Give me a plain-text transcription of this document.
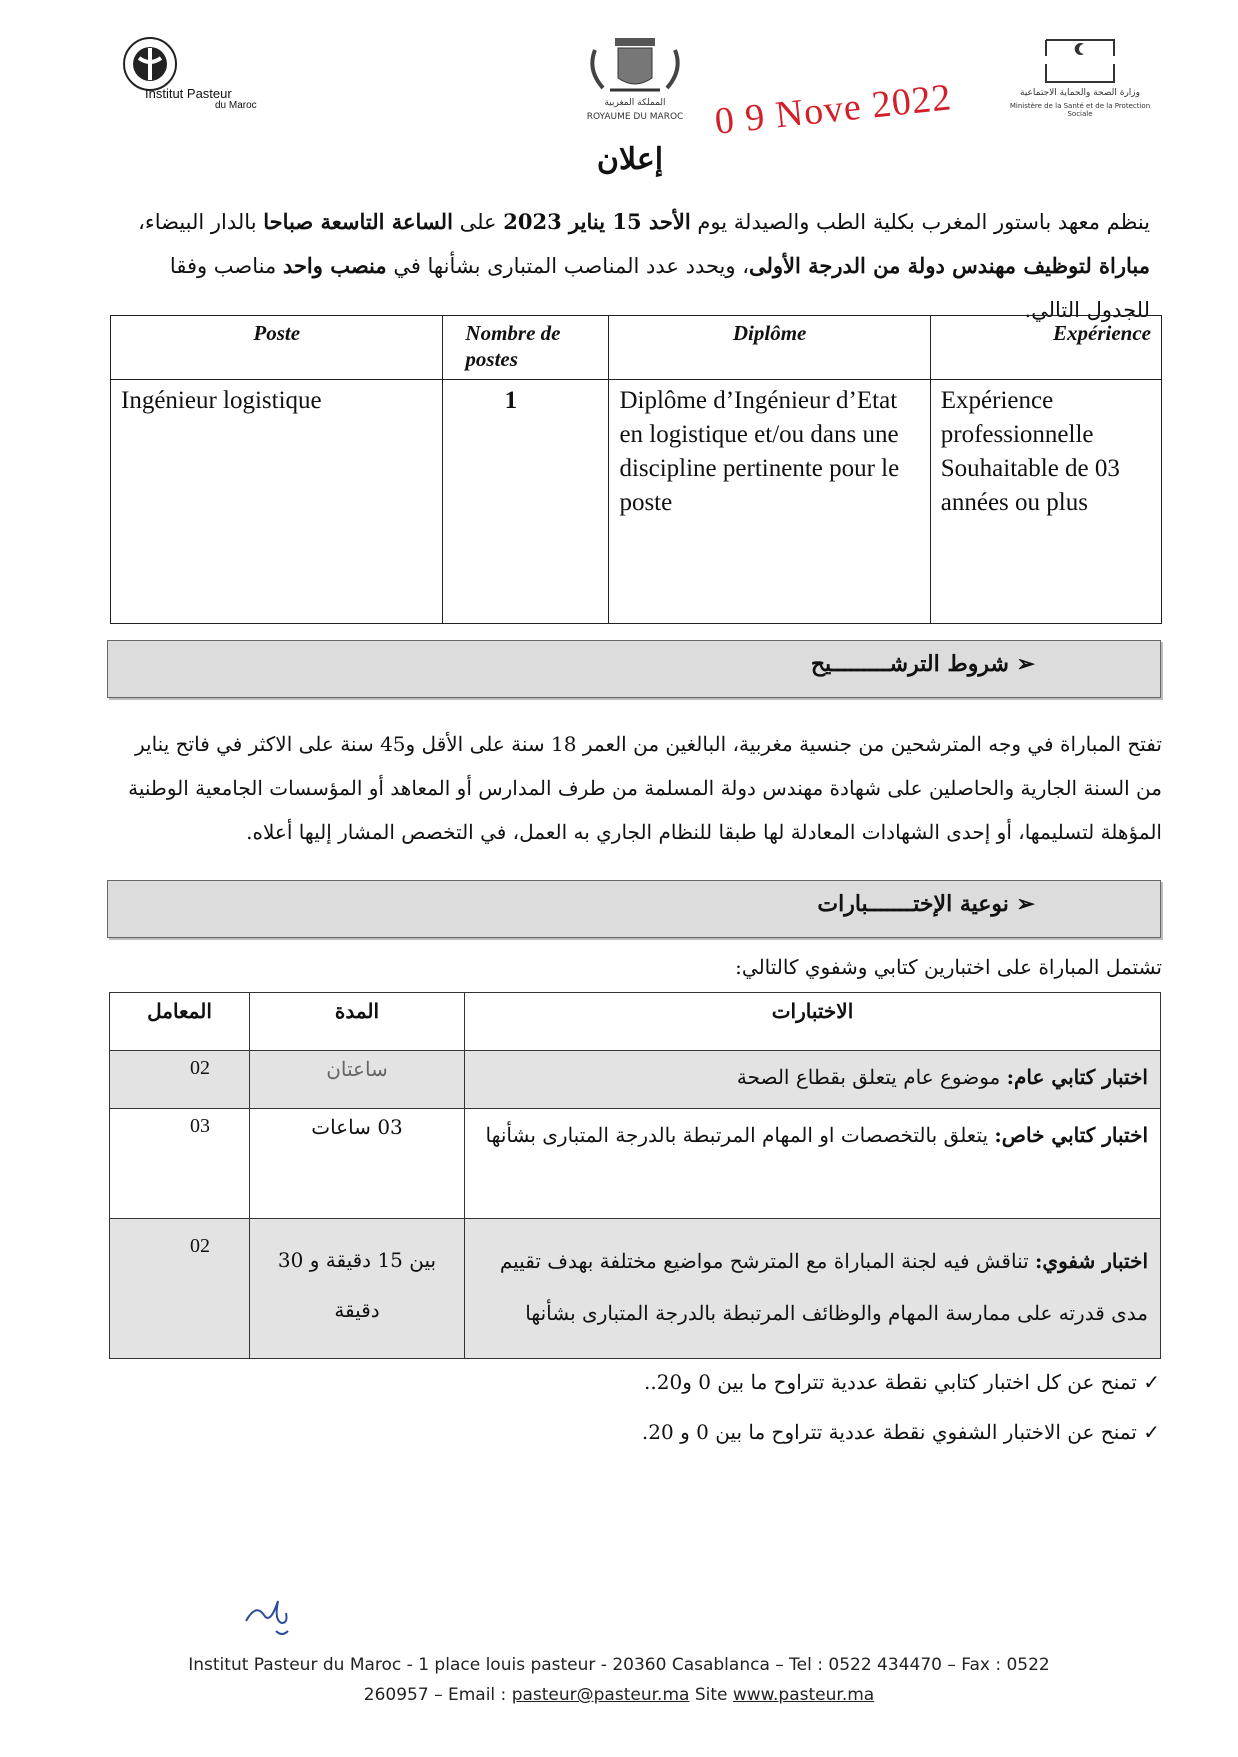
Institut Pasteur
du Maroc	المملكة المغربية
ROYAUME DU MAROC
وزارة الصحة والحماية الاجتماعية
Ministère de la Santé et de la Protection Sociale
0 9 Nove 2022
إعلان
ينظم معهد باستور المغرب بكلية الطب والصيدلة يوم الأحد 15 يناير 2023 على الساعة التاسعة صباحا بالدار البيضاء، مباراة لتوظيف مهندس دولة من الدرجة الأولى، ويحدد عدد المناصب المتبارى بشأنها في منصب واحد مناصب وفقا للجدول التالي.
Poste	Nombre de postes	Diplôme	Expérience
Ingénieur logistique	1	Diplôme d’Ingénieur d’Etat en logistique et/ou dans une discipline pertinente pour le poste	Expérience professionnelle Souhaitable de 03 années ou plus
➢ شروط الترشـــــــــيح
تفتح المباراة في وجه المترشحين من جنسية مغربية، البالغين من العمر 18 سنة على الأقل و45 سنة على الاكثر في فاتح يناير من السنة الجارية والحاصلين على شهادة مهندس دولة المسلمة من طرف المدارس أو المعاهد أو المؤسسات الجامعية الوطنية المؤهلة لتسليمها، أو إحدى الشهادات المعادلة لها طبقا للنظام الجاري به العمل، في التخصص المشار إليها أعلاه.
➢ نوعية الإختـــــــبارات
تشتمل المباراة على اختبارين كتابي وشفوي كالتالي:
المعامل	المدة	الاختبارات
02	ساعتان	اختبار كتابي عام: موضوع عام يتعلق بقطاع الصحة
03	03 ساعات	اختبار كتابي خاص: يتعلق بالتخصصات او المهام المرتبطة بالدرجة المتبارى بشأنها
02	بين 15 دقيقة و 30 دقيقة	اختبار شفوي: تناقش فيه لجنة المباراة مع المترشح مواضيع مختلفة بهدف تقييم مدى قدرته على ممارسة المهام والوظائف المرتبطة بالدرجة المتبارى بشأنها
✓ تمنح عن كل اختبار كتابي نقطة عددية تتراوح ما بين 0 و20..
✓ تمنح عن الاختبار الشفوي نقطة عددية تتراوح ما بين 0 و 20.
Institut Pasteur du Maroc - 1 place louis pasteur - 20360 Casablanca – Tel : 0522 434470 – Fax : 0522
260957 – Email : pasteur@pasteur.ma Site www.pasteur.ma
